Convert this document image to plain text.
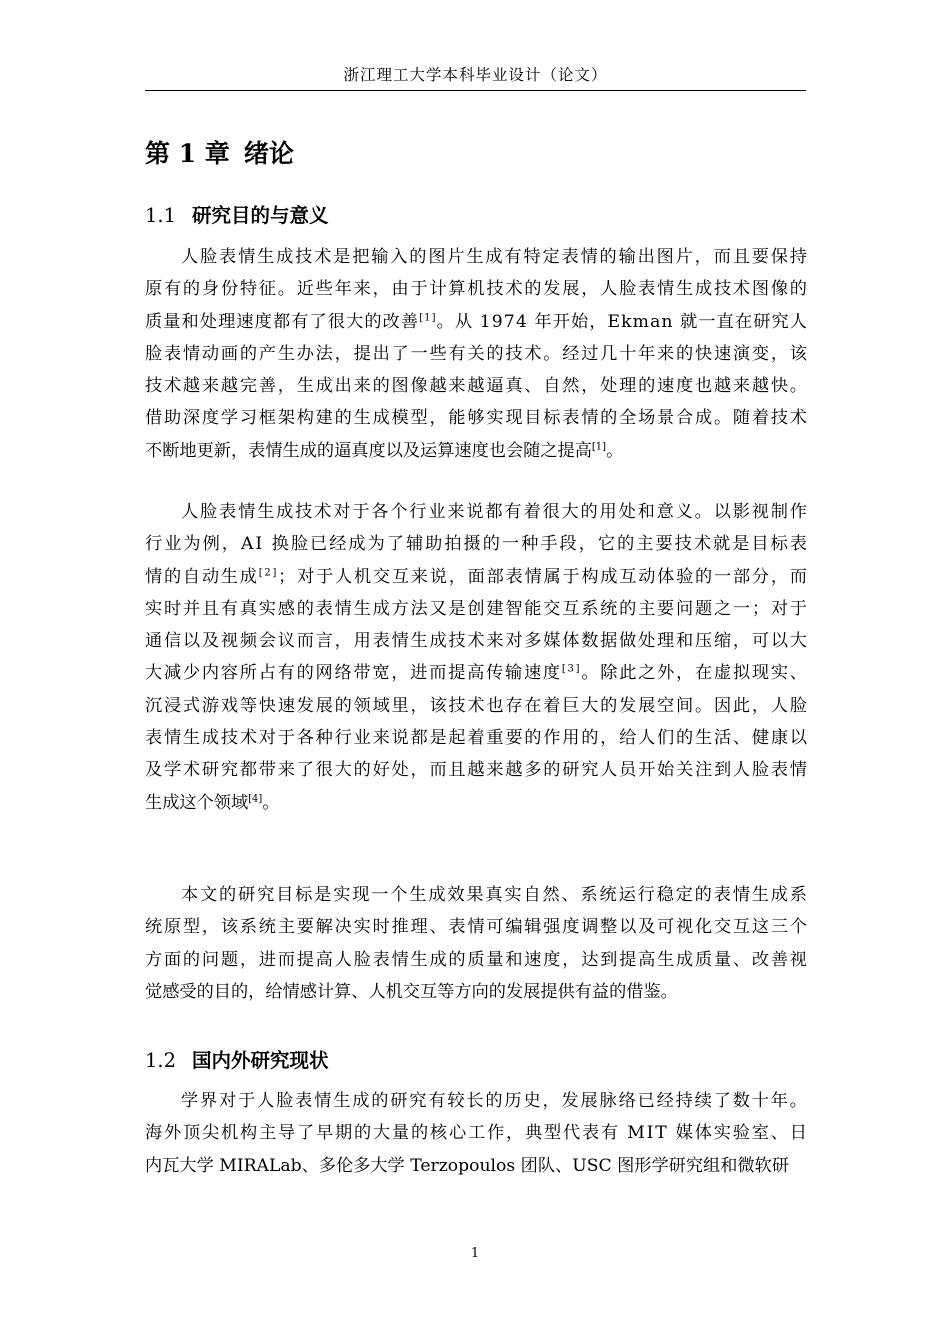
浙江理工大学本科毕业设计（论文）
第 1 章 绪论
1.1 研究目的与意义
人脸表情生成技术是把输入的图片生成有特定表情的输出图片，而且要保持
原有的身份特征。近些年来，由于计算机技术的发展，人脸表情生成技术图像的
质量和处理速度都有了很大的改善[1]。从 1974 年开始，Ekman 就一直在研究人
脸表情动画的产生办法，提出了一些有关的技术。经过几十年来的快速演变，该
技术越来越完善，生成出来的图像越来越逼真、自然，处理的速度也越来越快。
借助深度学习框架构建的生成模型，能够实现目标表情的全场景合成。随着技术
不断地更新，表情生成的逼真度以及运算速度也会随之提高[1]。
人脸表情生成技术对于各个行业来说都有着很大的用处和意义。以影视制作
行业为例，AI 换脸已经成为了辅助拍摄的一种手段，它的主要技术就是目标表
情的自动生成[2]；对于人机交互来说，面部表情属于构成互动体验的一部分，而
实时并且有真实感的表情生成方法又是创建智能交互系统的主要问题之一；对于
通信以及视频会议而言，用表情生成技术来对多媒体数据做处理和压缩，可以大
大减少内容所占有的网络带宽，进而提高传输速度[3]。除此之外，在虚拟现实、
沉浸式游戏等快速发展的领域里，该技术也存在着巨大的发展空间。因此，人脸
表情生成技术对于各种行业来说都是起着重要的作用的，给人们的生活、健康以
及学术研究都带来了很大的好处，而且越来越多的研究人员开始关注到人脸表情
生成这个领域[4]。
本文的研究目标是实现一个生成效果真实自然、系统运行稳定的表情生成系
统原型，该系统主要解决实时推理、表情可编辑强度调整以及可视化交互这三个
方面的问题，进而提高人脸表情生成的质量和速度，达到提高生成质量、改善视
觉感受的目的，给情感计算、人机交互等方向的发展提供有益的借鉴。
1.2 国内外研究现状
学界对于人脸表情生成的研究有较长的历史，发展脉络已经持续了数十年。
海外顶尖机构主导了早期的大量的核心工作，典型代表有 MIT 媒体实验室、日
内瓦大学 MIRALab、多伦多大学 Terzopoulos 团队、USC 图形学研究组和微软研
1
